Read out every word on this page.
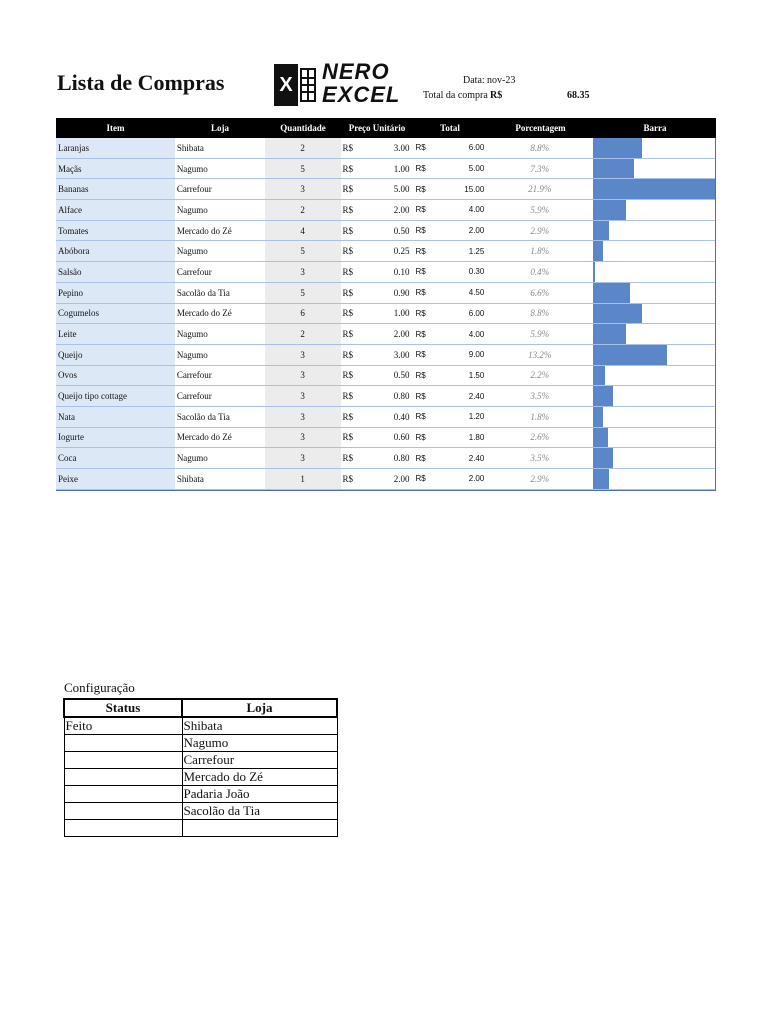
Lista de Compras	X
NERO
EXCEL
Data: nov-23
Total da compra R$	68.35
Item	Loja	Quantidade	Preço Unitário	Total	Porcentagem	Barra
Laranjas	Shibata	2	R$	3.00 R$	6.00	8.8%
Maçãs	Nagumo	5	R$	1.00 R$	5.00	7.3%
Bananas	Carrefour	3	R$	5.00 R$	15.00	21.9%
Alface	Nagumo	2	R$	2.00 R$	4.00	5.9%
Tomates	Mercado do Zé	4	R$	0.50 R$	2.00	2.9%
Abóbora	Nagumo	5	R$	0.25 R$	1.25	1.8%
Salsão	Carrefour	3	R$	0.10 R$	0.30	0.4%
Pepino	Sacolão da Tia	5	R$	0.90 R$	4.50	6.6%
Cogumelos	Mercado do Zé	6	R$	1.00 R$	6.00	8.8%
Leite	Nagumo	2	R$	2.00 R$	4.00	5.9%
Queijo	Nagumo	3	R$	3.00 R$	9.00	13.2%
Ovos	Carrefour	3	R$	0.50 R$	1.50	2.2%
Queijo tipo cottage	Carrefour	3	R$	0.80 R$	2.40	3.5%
Nata	Sacolão da Tia	3	R$	0.40 R$	1.20	1.8%
Iogurte	Mercado do Zé	3	R$	0.60 R$	1.80	2.6%
Coca	Nagumo	3	R$	0.80 R$	2.40	3.5%
Peixe	Shibata	1	R$	2.00 R$	2.00	2.9%
Configuração
Status	Loja
Feito	Shibata
	Nagumo
	Carrefour
	Mercado do Zé
	Padaria João
	Sacolão da Tia
